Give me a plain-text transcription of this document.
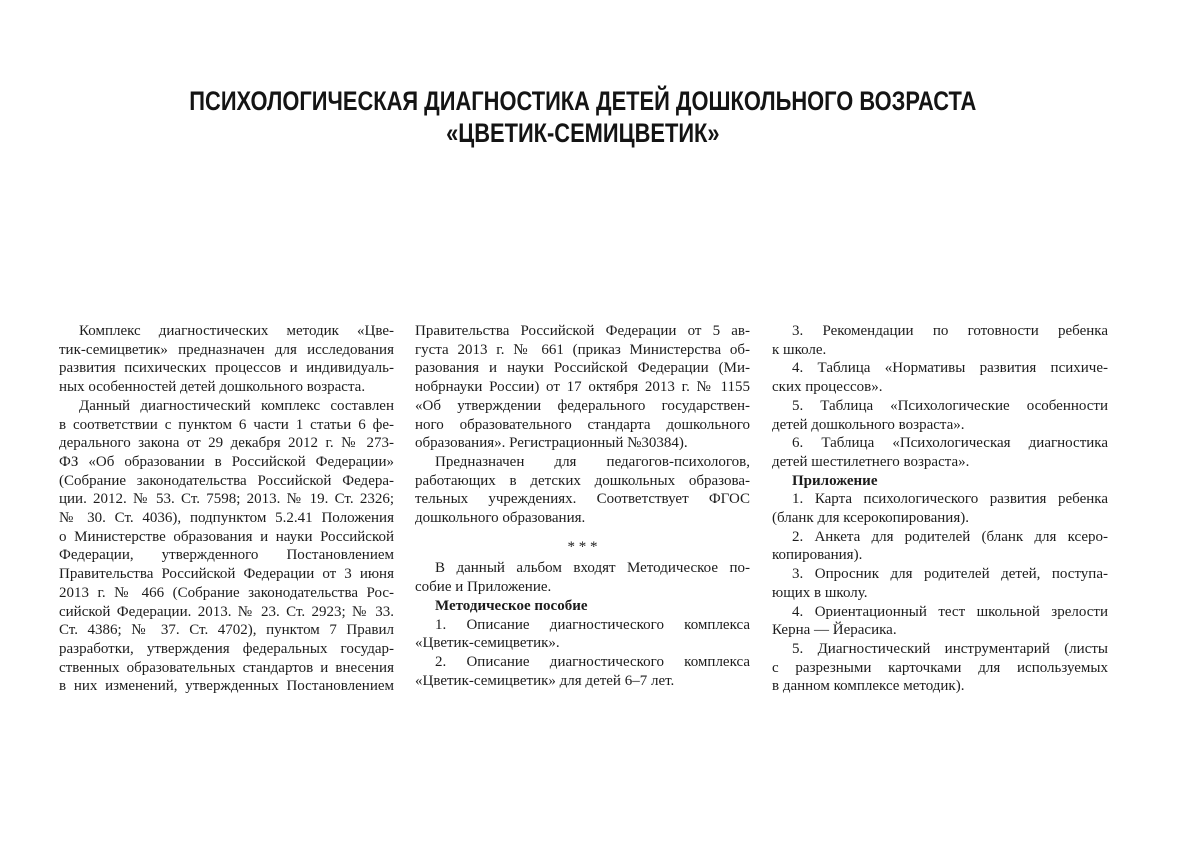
ПСИХОЛОГИЧЕСКАЯ ДИАГНОСТИКА ДЕТЕЙ ДОШКОЛЬНОГО ВОЗРАСТА
«ЦВЕТИК-СЕМИЦВЕТИК»
Комплекс диагностических методик «Цве-
тик-семицветик» предназначен для исследования
развития психических процессов и индивидуаль-
ных особенностей детей дошкольного возраста.
Данный диагностический комплекс составлен
в соответствии с пунктом 6 части 1 статьи 6 фе-
дерального закона от 29 декабря 2012 г. № 273-
ФЗ «Об образовании в Российской Федерации»
(Собрание законодательства Российской Федера-
ции. 2012. № 53. Ст. 7598; 2013. № 19. Ст. 2326;
№ 30. Ст. 4036), подпунктом 5.2.41 Положения
о Министерстве образования и науки Российской
Федерации, утвержденного Постановлением
Правительства Российской Федерации от 3 июня
2013 г. № 466 (Собрание законодательства Рос-
сийской Федерации. 2013. № 23. Ст. 2923; № 33.
Ст. 4386; № 37. Ст. 4702), пунктом 7 Правил
разработки, утверждения федеральных государ-
ственных образовательных стандартов и внесения
в них изменений, утвержденных Постановлением
Правительства Российской Федерации от 5 ав-
густа 2013 г. № 661 (приказ Министерства об-
разования и науки Российской Федерации (Ми-
нобрнауки России) от 17 октября 2013 г. № 1155
«Об утверждении федерального государствен-
ного образовательного стандарта дошкольного
образования». Регистрационный №30384).
Предназначен для педагогов-психологов,
работающих в детских дошкольных образова-
тельных учреждениях. Соответствует ФГОС
дошкольного образования.
* * *
В данный альбом входят Методическое по-
собие и Приложение.
Методическое пособие
1. Описание диагностического комплекса
«Цветик-семицветик».
2. Описание диагностического комплекса
«Цветик-семицветик» для детей 6–7 лет.
3. Рекомендации по готовности ребенка
к школе.
4. Таблица «Нормативы развития психиче-
ских процессов».
5. Таблица «Психологические особенности
детей дошкольного возраста».
6. Таблица «Психологическая диагностика
детей шестилетнего возраста».
Приложение
1. Карта психологического развития ребенка
(бланк для ксерокопирования).
2. Анкета для родителей (бланк для ксеро-
копирования).
3. Опросник для родителей детей, поступа-
ющих в школу.
4. Ориентационный тест школьной зрелости
Керна — Йерасика.
5. Диагностический инструментарий (листы
с разрезными карточками для используемых
в данном комплексе методик).
